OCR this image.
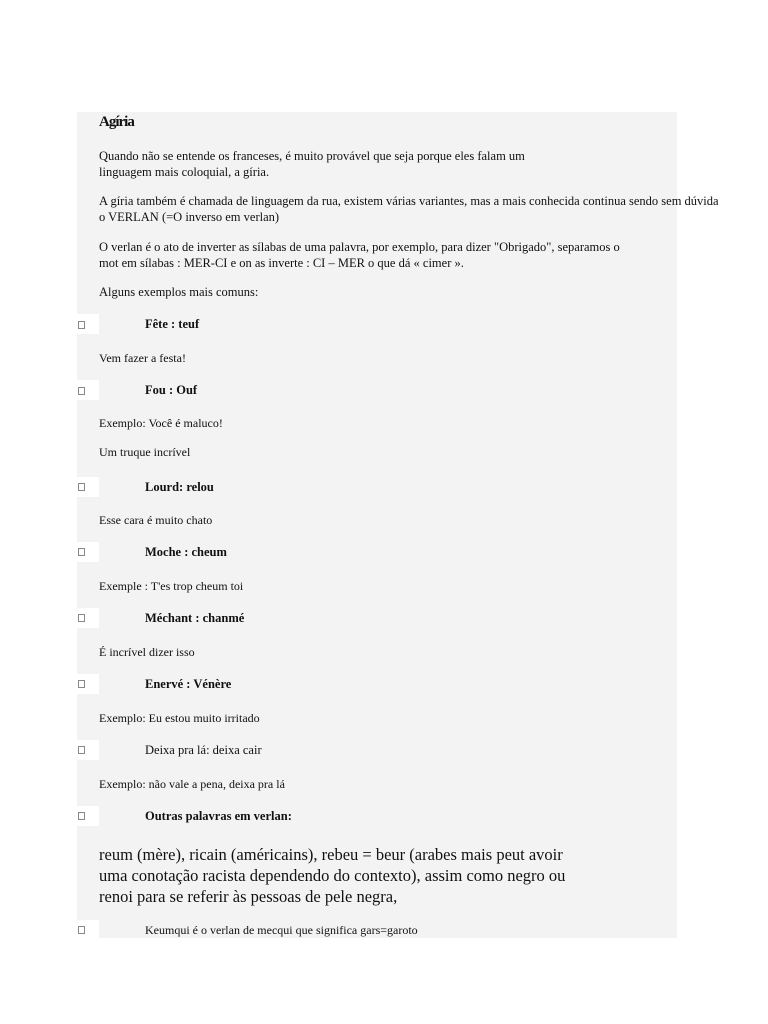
Agíria

Quando não se entende os franceses, é muito provável que seja porque eles falam um
linguagem mais coloquial, a gíria.

A gíria também é chamada de linguagem da rua, existem várias variantes, mas a mais conhecida continua sendo sem dúvida
o VERLAN (=O inverso em verlan)

O verlan é o ato de inverter as sílabas de uma palavra, por exemplo, para dizer "Obrigado", separamos o
mot em sílabas : MER-CI e on as inverte : CI – MER o que dá « cimer ».

Alguns exemplos mais comuns:

Fête : teuf

Vem fazer a festa!

Fou : Ouf

Exemplo: Você é maluco!

Um truque incrível

Lourd: relou

Esse cara é muito chato

Moche : cheum

Exemple : T'es trop cheum toi

Méchant : chanmé

É incrível dizer isso

Enervé : Vénère

Exemplo: Eu estou muito irritado

Deixa pra lá: deixa cair

Exemplo: não vale a pena, deixa pra lá

Outras palavras em verlan:

reum (mère), ricain (américains), rebeu = beur (arabes mais peut avoir
uma conotação racista dependendo do contexto), assim como negro ou
renoi para se referir às pessoas de pele negra,

Keumqui é o verlan de mecqui que significa gars=garoto
